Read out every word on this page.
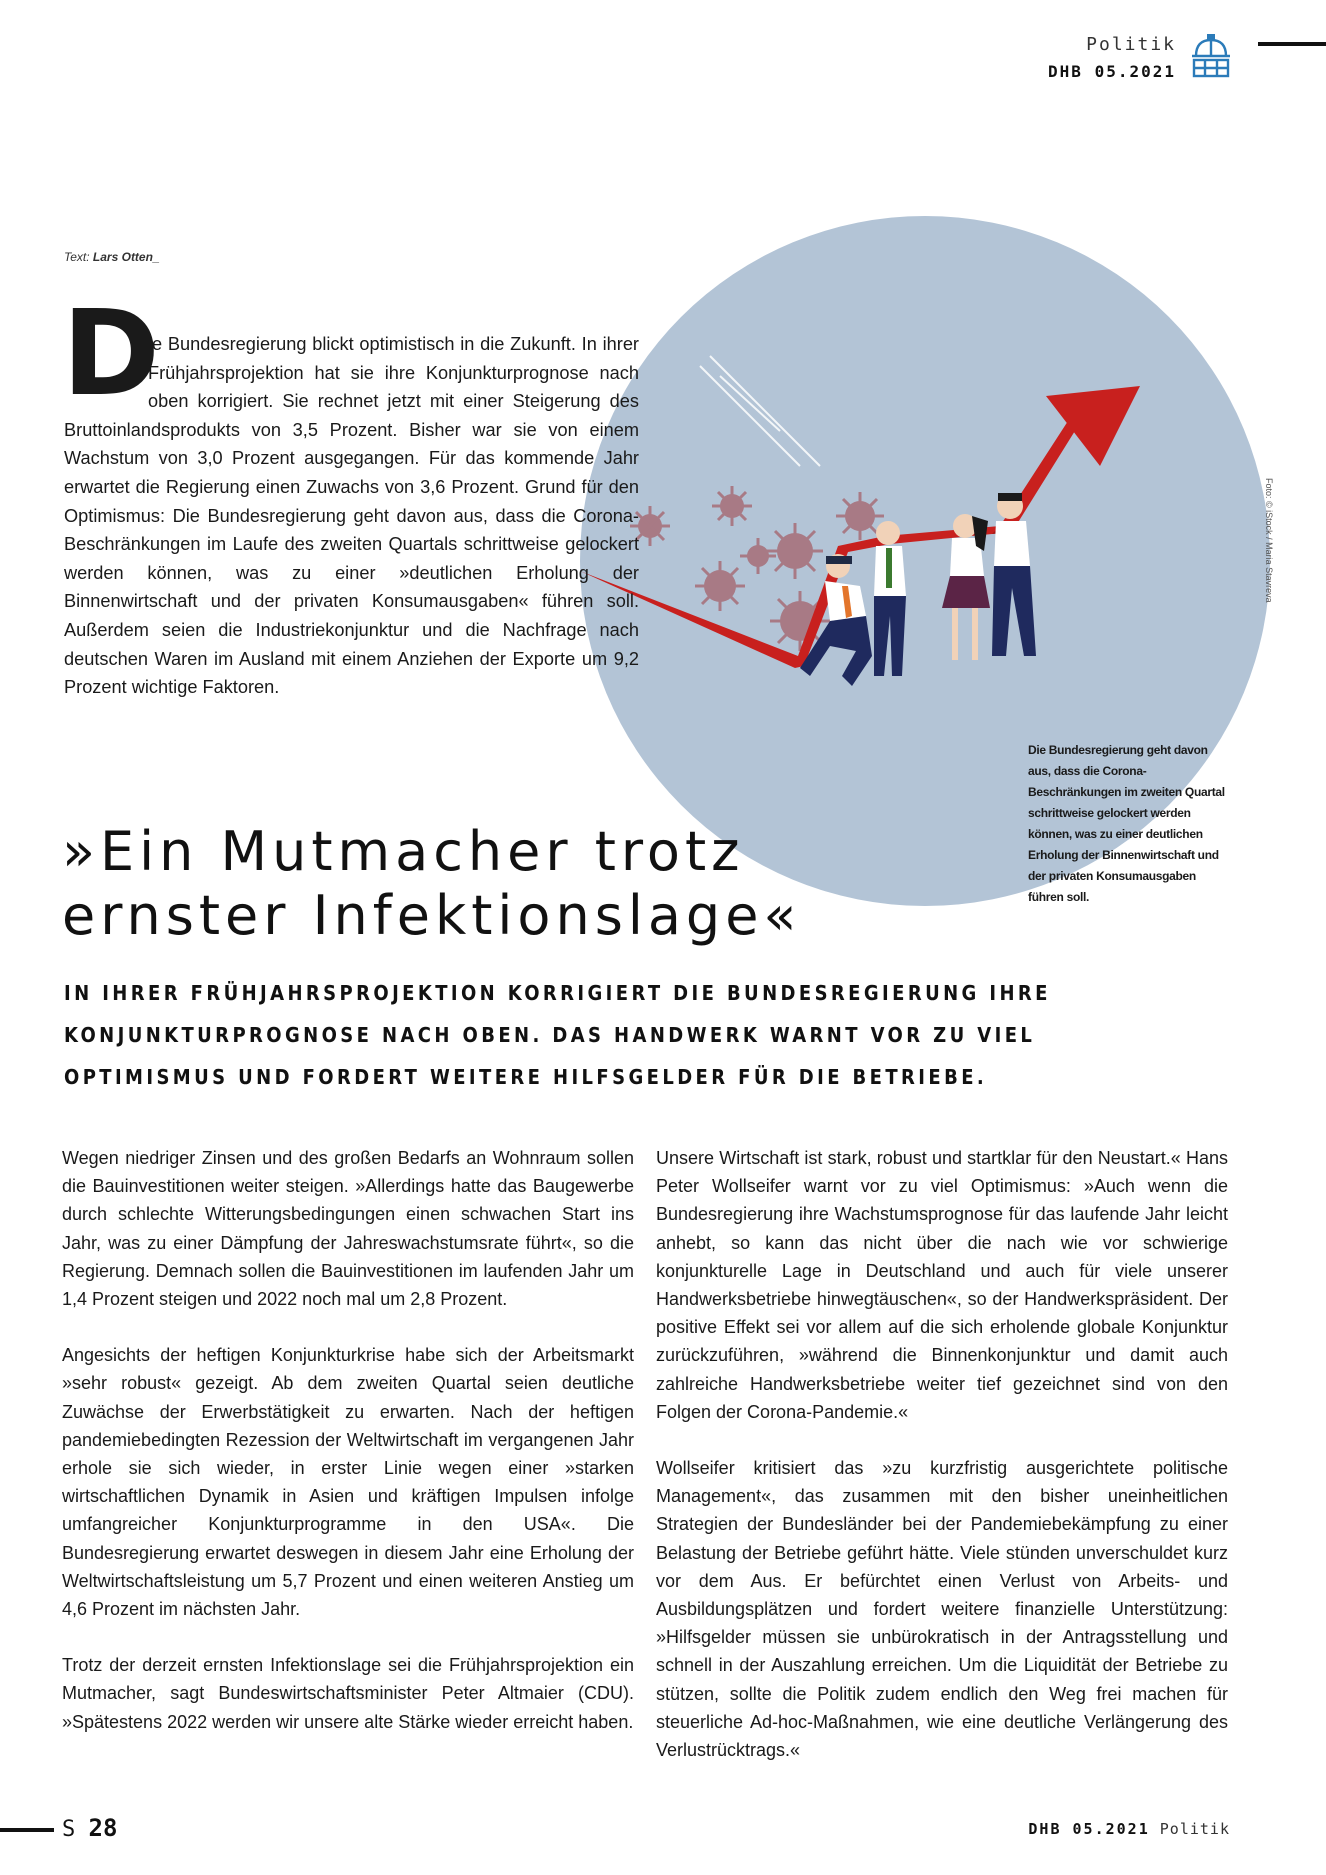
Politik
DHB 05.2021
Text: Lars Otten_
Foto: © iStock / Maria Stavreva
D
ie Bundesregierung blickt optimistisch in die Zukunft. In ihrer Frühjahrsprojektion hat sie ihre Konjunkturprognose nach oben korrigiert. Sie rechnet jetzt mit einer Steigerung des Bruttoinlandsprodukts von 3,5 Prozent. Bisher war sie von einem Wachstum von 3,0 Prozent ausgegangen. Für das kommende Jahr erwartet die Regierung einen Zuwachs von 3,6 Prozent. Grund für den Optimismus: Die Bundesregierung geht davon aus, dass die Corona-Beschränkungen im Laufe des zweiten Quartals schrittweise gelockert werden können, was zu einer »deutlichen Erholung der Binnenwirtschaft und der privaten Konsumausgaben« führen soll. Außerdem seien die Industriekonjunktur und die Nachfrage nach deutschen Waren im Ausland mit einem Anziehen der Exporte um 9,2 Prozent wichtige Faktoren.
Die Bundesregierung geht davon aus, dass die Corona-Beschränkungen im zweiten Quartal schrittweise gelockert werden können, was zu einer deutlichen Erholung der Binnenwirtschaft und der privaten Konsumausgaben führen soll.
»Ein Mutmacher trotz
ernster Infektionslage«

IN IHRER FRÜHJAHRSPROJEKTION KORRIGIERT DIE BUNDESREGIERUNG IHRE KONJUNKTURPROGNOSE NACH OBEN. DAS HANDWERK WARNT VOR ZU VIEL OPTIMISMUS UND FORDERT WEITERE HILFSGELDER FÜR DIE BETRIEBE.

Wegen niedriger Zinsen und des großen Bedarfs an Wohnraum sollen die Bauinvestitionen weiter steigen. »Allerdings hatte das Baugewerbe durch schlechte Witterungsbedingungen einen schwachen Start ins Jahr, was zu einer Dämpfung der Jahreswachstumsrate führt«, so die Regierung. Demnach sollen die Bauinvestitionen im laufenden Jahr um 1,4 Prozent steigen und 2022 noch mal um 2,8 Prozent.

Angesichts der heftigen Konjunkturkrise habe sich der Arbeitsmarkt »sehr robust« gezeigt. Ab dem zweiten Quartal seien deutliche Zuwächse der Erwerbstätigkeit zu erwarten. Nach der heftigen pandemiebedingten Rezession der Weltwirtschaft im vergangenen Jahr erhole sie sich wieder, in erster Linie wegen einer »starken wirtschaftlichen Dynamik in Asien und kräftigen Impulsen infolge umfangreicher Konjunkturprogramme in den USA«. Die Bundesregierung erwartet deswegen in diesem Jahr eine Erholung der Weltwirtschaftsleistung um 5,7 Prozent und einen weiteren Anstieg um 4,6 Prozent im nächsten Jahr.

Trotz der derzeit ernsten Infektionslage sei die Frühjahrsprojektion ein Mutmacher, sagt Bundeswirtschaftsminister Peter Altmaier (CDU). »Spätestens 2022 werden wir unsere alte Stärke wieder erreicht haben.

Unsere Wirtschaft ist stark, robust und startklar für den Neustart.« Hans Peter Wollseifer warnt vor zu viel Optimismus: »Auch wenn die Bundesregierung ihre Wachstumsprognose für das laufende Jahr leicht anhebt, so kann das nicht über die nach wie vor schwierige konjunkturelle Lage in Deutschland und auch für viele unserer Handwerksbetriebe hinwegtäuschen«, so der Handwerkspräsident. Der positive Effekt sei vor allem auf die sich erholende globale Konjunktur zurückzuführen, »während die Binnenkonjunktur und damit auch zahlreiche Handwerksbetriebe weiter tief gezeichnet sind von den Folgen der Corona-Pandemie.«

Wollseifer kritisiert das »zu kurzfristig ausgerichtete politische Management«, das zusammen mit den bisher uneinheitlichen Strategien der Bundesländer bei der Pandemiebekämpfung zu einer Belastung der Betriebe geführt hätte. Viele stünden unverschuldet kurz vor dem Aus. Er befürchtet einen Verlust von Arbeits- und Ausbildungsplätzen und fordert weitere finanzielle Unterstützung: »Hilfsgelder müssen sie unbürokratisch in der Antragsstellung und schnell in der Auszahlung erreichen. Um die Liquidität der Betriebe zu stützen, sollte die Politik zudem endlich den Weg frei machen für steuerliche Ad-hoc-Maßnahmen, wie eine deutliche Verlängerung des Verlustrücktrags.«

S 28	DHB 05.2021 Politik
